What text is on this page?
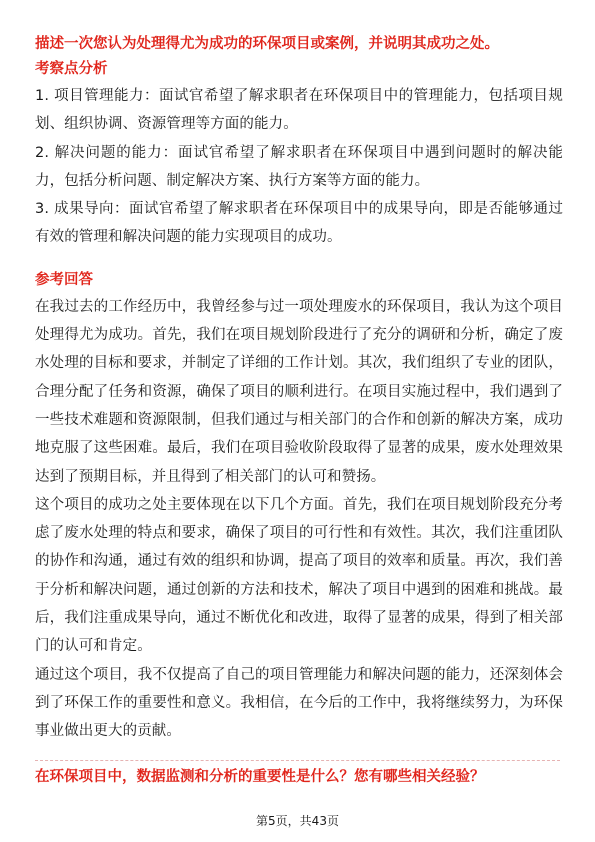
描述一次您认为处理得尤为成功的环保项目或案例，并说明其成功之处。

考察点分析

1. 项目管理能力：面试官希望了解求职者在环保项目中的管理能力，包括项目规划、组织协调、资源管理等方面的能力。

2. 解决问题的能力：面试官希望了解求职者在环保项目中遇到问题时的解决能力，包括分析问题、制定解决方案、执行方案等方面的能力。

3. 成果导向：面试官希望了解求职者在环保项目中的成果导向，即是否能够通过有效的管理和解决问题的能力实现项目的成功。

参考回答

在我过去的工作经历中，我曾经参与过一项处理废水的环保项目，我认为这个项目处理得尤为成功。首先，我们在项目规划阶段进行了充分的调研和分析，确定了废水处理的目标和要求，并制定了详细的工作计划。其次，我们组织了专业的团队，合理分配了任务和资源，确保了项目的顺利进行。在项目实施过程中，我们遇到了一些技术难题和资源限制，但我们通过与相关部门的合作和创新的解决方案，成功地克服了这些困难。最后，我们在项目验收阶段取得了显著的成果，废水处理效果达到了预期目标，并且得到了相关部门的认可和赞扬。

这个项目的成功之处主要体现在以下几个方面。首先，我们在项目规划阶段充分考虑了废水处理的特点和要求，确保了项目的可行性和有效性。其次，我们注重团队的协作和沟通，通过有效的组织和协调，提高了项目的效率和质量。再次，我们善于分析和解决问题，通过创新的方法和技术，解决了项目中遇到的困难和挑战。最后，我们注重成果导向，通过不断优化和改进，取得了显著的成果，得到了相关部门的认可和肯定。

通过这个项目，我不仅提高了自己的项目管理能力和解决问题的能力，还深刻体会到了环保工作的重要性和意义。我相信，在今后的工作中，我将继续努力，为环保事业做出更大的贡献。

在环保项目中，数据监测和分析的重要性是什么？您有哪些相关经验？

第5页，共43页
